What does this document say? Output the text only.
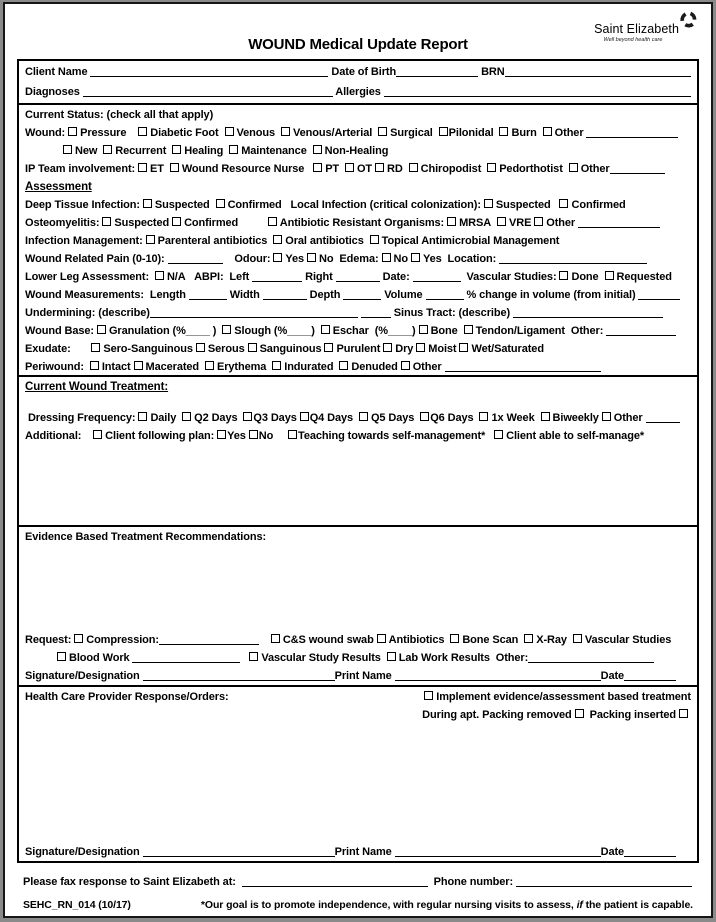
WOUND Medical Update Report
Saint Elizabeth
Well beyond health care
Client Name	Date of Birth	BRN
Diagnoses	Allergies
Current Status: (check all that apply)
Wound: Pressure Diabetic Foot Venous Venous/Arterial Surgical Pilonidal Burn Other
New Recurrent Healing Maintenance Non-Healing
IP Team involvement: ET Wound Resource Nurse PT OT RD Chiropodist Pedorthotist Other
Assessment
Deep Tissue Infection: Suspected Confirmed   Local Infection (critical colonization): Suspected Confirmed
Osteomyelitis: Suspected Confirmed	Antibiotic Resistant Organisms: MRSA VRE Other
Infection Management: Parenteral antibiotics Oral antibiotics Topical Antimicrobial Management
Wound Related Pain (0-10):	Odour: Yes No  Edema: No Yes  Location:
Lower Leg Assessment:  N/A   ABPI:  Left	Right	Date:	Vascular Studies: Done Requested
Wound Measurements:  Length	Width	Depth	Volume	% change in volume (from initial)
Undermining: (describe)	Sinus Tract: (describe)
Wound Base: Granulation (%____ ) Slough (%____) Eschar  (%____) Bone Tendon/Ligament  Other:
Exudate:       Sero-Sanguinous Serous Sanguinous Purulent Dry Moist Wet/Saturated
Periwound:  Intact Macerated Erythema Indurated Denuded Other
Current Wound Treatment:
Dressing Frequency: Daily Q2 Days Q3 Days Q4 Days Q5 Days Q6 Days 1x Week Biweekly Other
Additional:    Client following plan: Yes No Teaching towards self-management* Client able to self-manage*
Evidence Based Treatment Recommendations:
Request: Compression:	C&S wound swab Antibiotics Bone Scan X-Ray Vascular Studies
Blood Work	Vascular Study Results Lab Work Results  Other:
Signature/Designation	Print Name	Date
Health Care Provider Response/Orders:	Implement evidence/assessment based treatment
During apt. Packing removed  Packing inserted
Signature/Designation	Print Name	Date
Please fax response to Saint Elizabeth at:	Phone number:
SEHC_RN_014 (10/17)	*Our goal is to promote independence, with regular nursing visits to assess, if the patient is capable.
